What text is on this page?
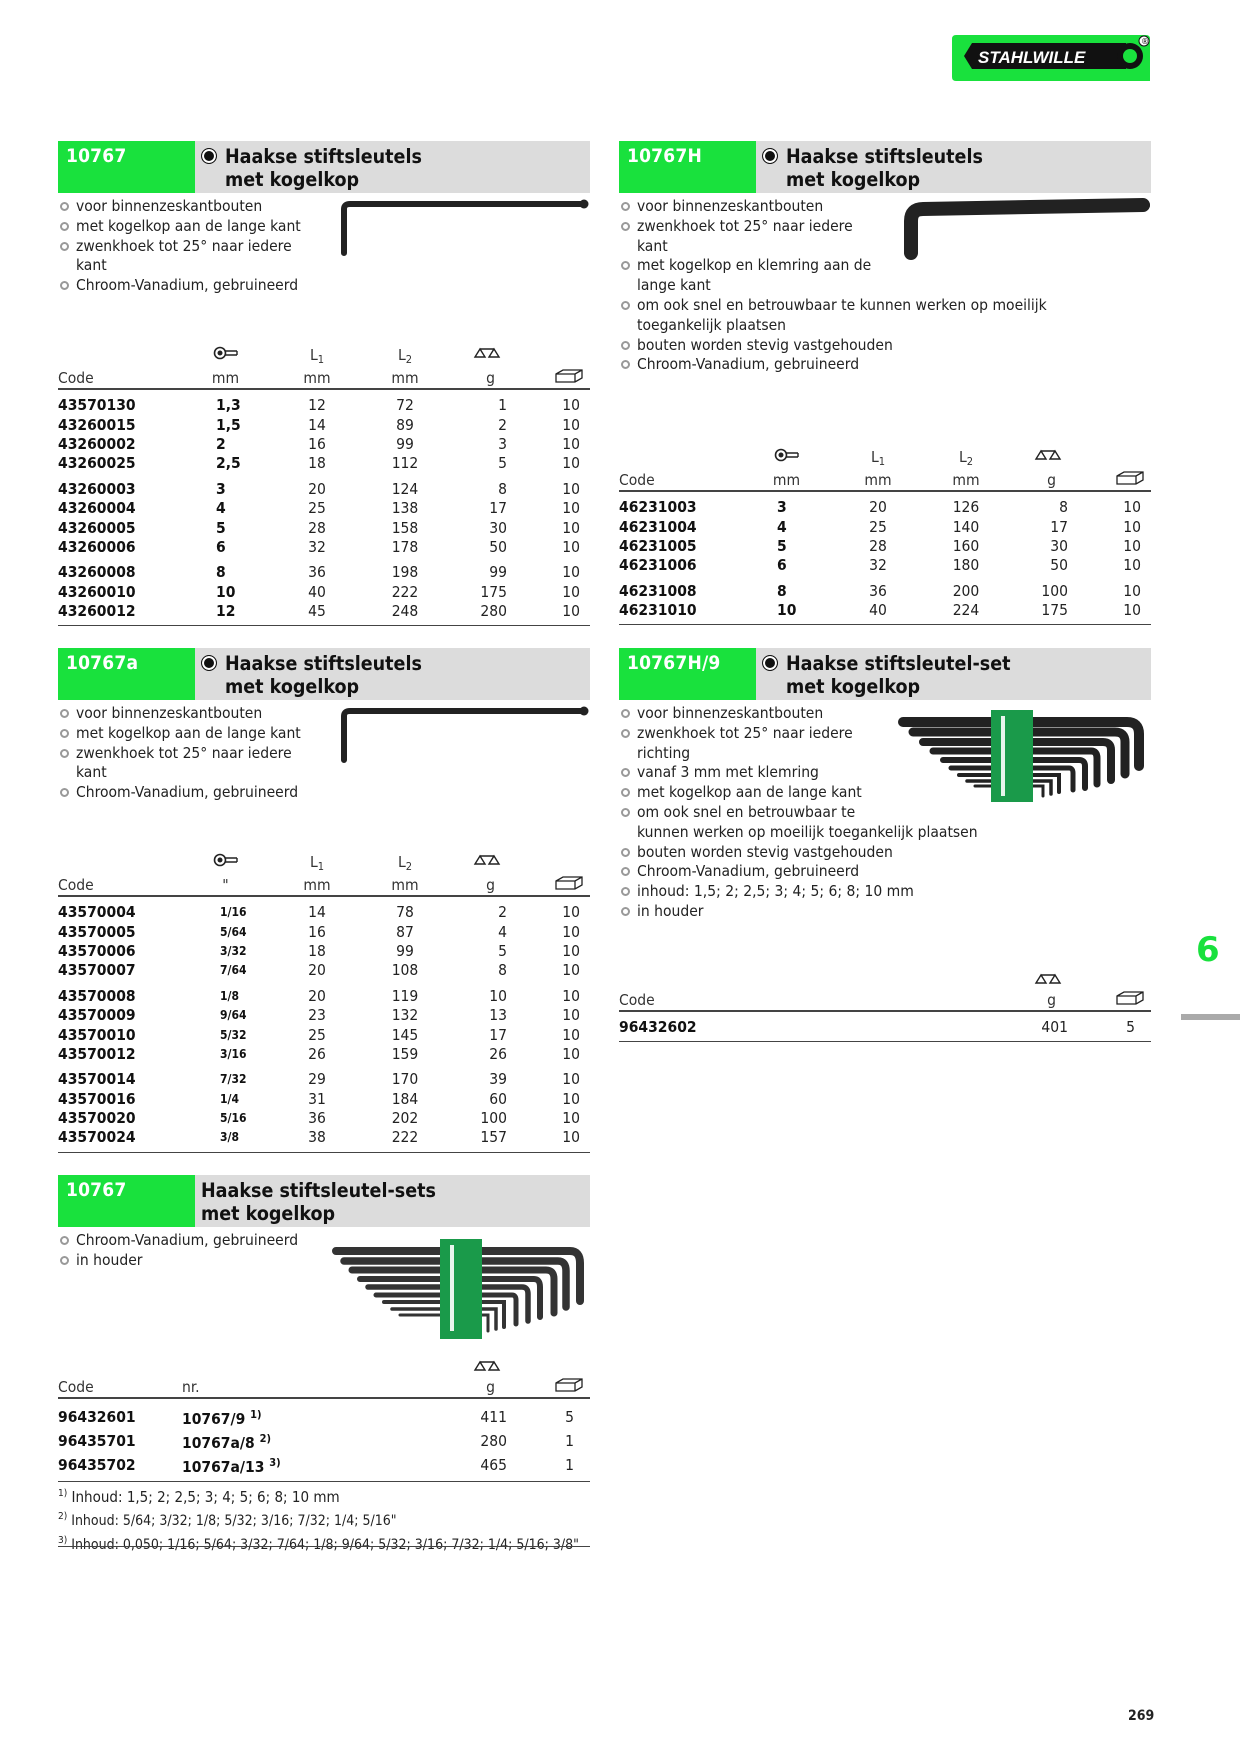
STAHLWILLE
®
10767	Haakse stiftsleutels
met kogelkop
voor binnenzeskantbouten
met kogelkop aan de lange kant
zwenkhoek tot 25° naar iedere
kant
Chroom-Vanadium, gebruineerd

		$L_1$	$L_2$		
Code	mm	mm	mm	g	

43570130	1,3	12	72	1	10
43260015	1,5	14	89	2	10
43260002	2	16	99	3	10
43260025	2,5	18	112	5	10

43260003	3	20	124	8	10
43260004	4	25	138	17	10
43260005	5	28	158	30	10
43260006	6	32	178	50	10

43260008	8	36	198	99	10
43260010	10	40	222	175	10
43260012	12	45	248	280	10

10767H	Haakse stiftsleutels
met kogelkop
voor binnenzeskantbouten
zwenkhoek tot 25° naar iedere
kant
met kogelkop en klemring aan de
lange kant
om ook snel en betrouwbaar te kunnen werken op moeilijk
toegankelijk plaatsen
bouten worden stevig vastgehouden
Chroom-Vanadium, gebruineerd

		$L_1$	$L_2$		
Code	mm	mm	mm	g	

46231003	3	20	126	8	10
46231004	4	25	140	17	10
46231005	5	28	160	30	10
46231006	6	32	180	50	10

46231008	8	36	200	100	10
46231010	10	40	224	175	10

10767a	Haakse stiftsleutels
met kogelkop
voor binnenzeskantbouten
met kogelkop aan de lange kant
zwenkhoek tot 25° naar iedere
kant
Chroom-Vanadium, gebruineerd

		$L_1$	$L_2$		
Code	"	mm	mm	g	

43570004	1/16	14	78	2	10
43570005	5/64	16	87	4	10
43570006	3/32	18	99	5	10
43570007	7/64	20	108	8	10

43570008	1/8	20	119	10	10
43570009	9/64	23	132	13	10
43570010	5/32	25	145	17	10
43570012	3/16	26	159	26	10

43570014	7/32	29	170	39	10
43570016	1/4	31	184	60	10
43570020	5/16	36	202	100	10
43570024	3/8	38	222	157	10

10767H/9	Haakse stiftsleutel-set
met kogelkop
voor binnenzeskantbouten
zwenkhoek tot 25° naar iedere
richting
vanaf 3 mm met klemring
met kogelkop aan de lange kant
om ook snel en betrouwbaar te
kunnen werken op moeilijk toegankelijk plaatsen
bouten worden stevig vastgehouden
Chroom-Vanadium, gebruineerd
inhoud: 1,5; 2; 2,5; 3; 4; 5; 6; 8; 10 mm
in houder

Code	g	

96432602	401	5

10767	Haakse stiftsleutel-sets
met kogelkop
Chroom-Vanadium, gebruineerd
in houder

Code	nr.	g	

96432601	10767/9 $^{1)}$	411	5
96435701	10767a/8 $^{2)}$	280	1
96435702	10767a/13 $^{3)}$	465	1

$^{1)}$ Inhoud: 1,5; 2; 2,5; 3; 4; 5; 6; 8; 10 mm
$^{2)}$ Inhoud: 5/64; 3/32; 1/8; 5/32; 3/16; 7/32; 1/4; 5/16"
$^{3)}$ Inhoud: 0,050; 1/16; 5/64; 3/32; 7/64; 1/8; 9/64; 5/32; 3/16; 7/32; 1/4; 5/16; 3/8"
6
269
